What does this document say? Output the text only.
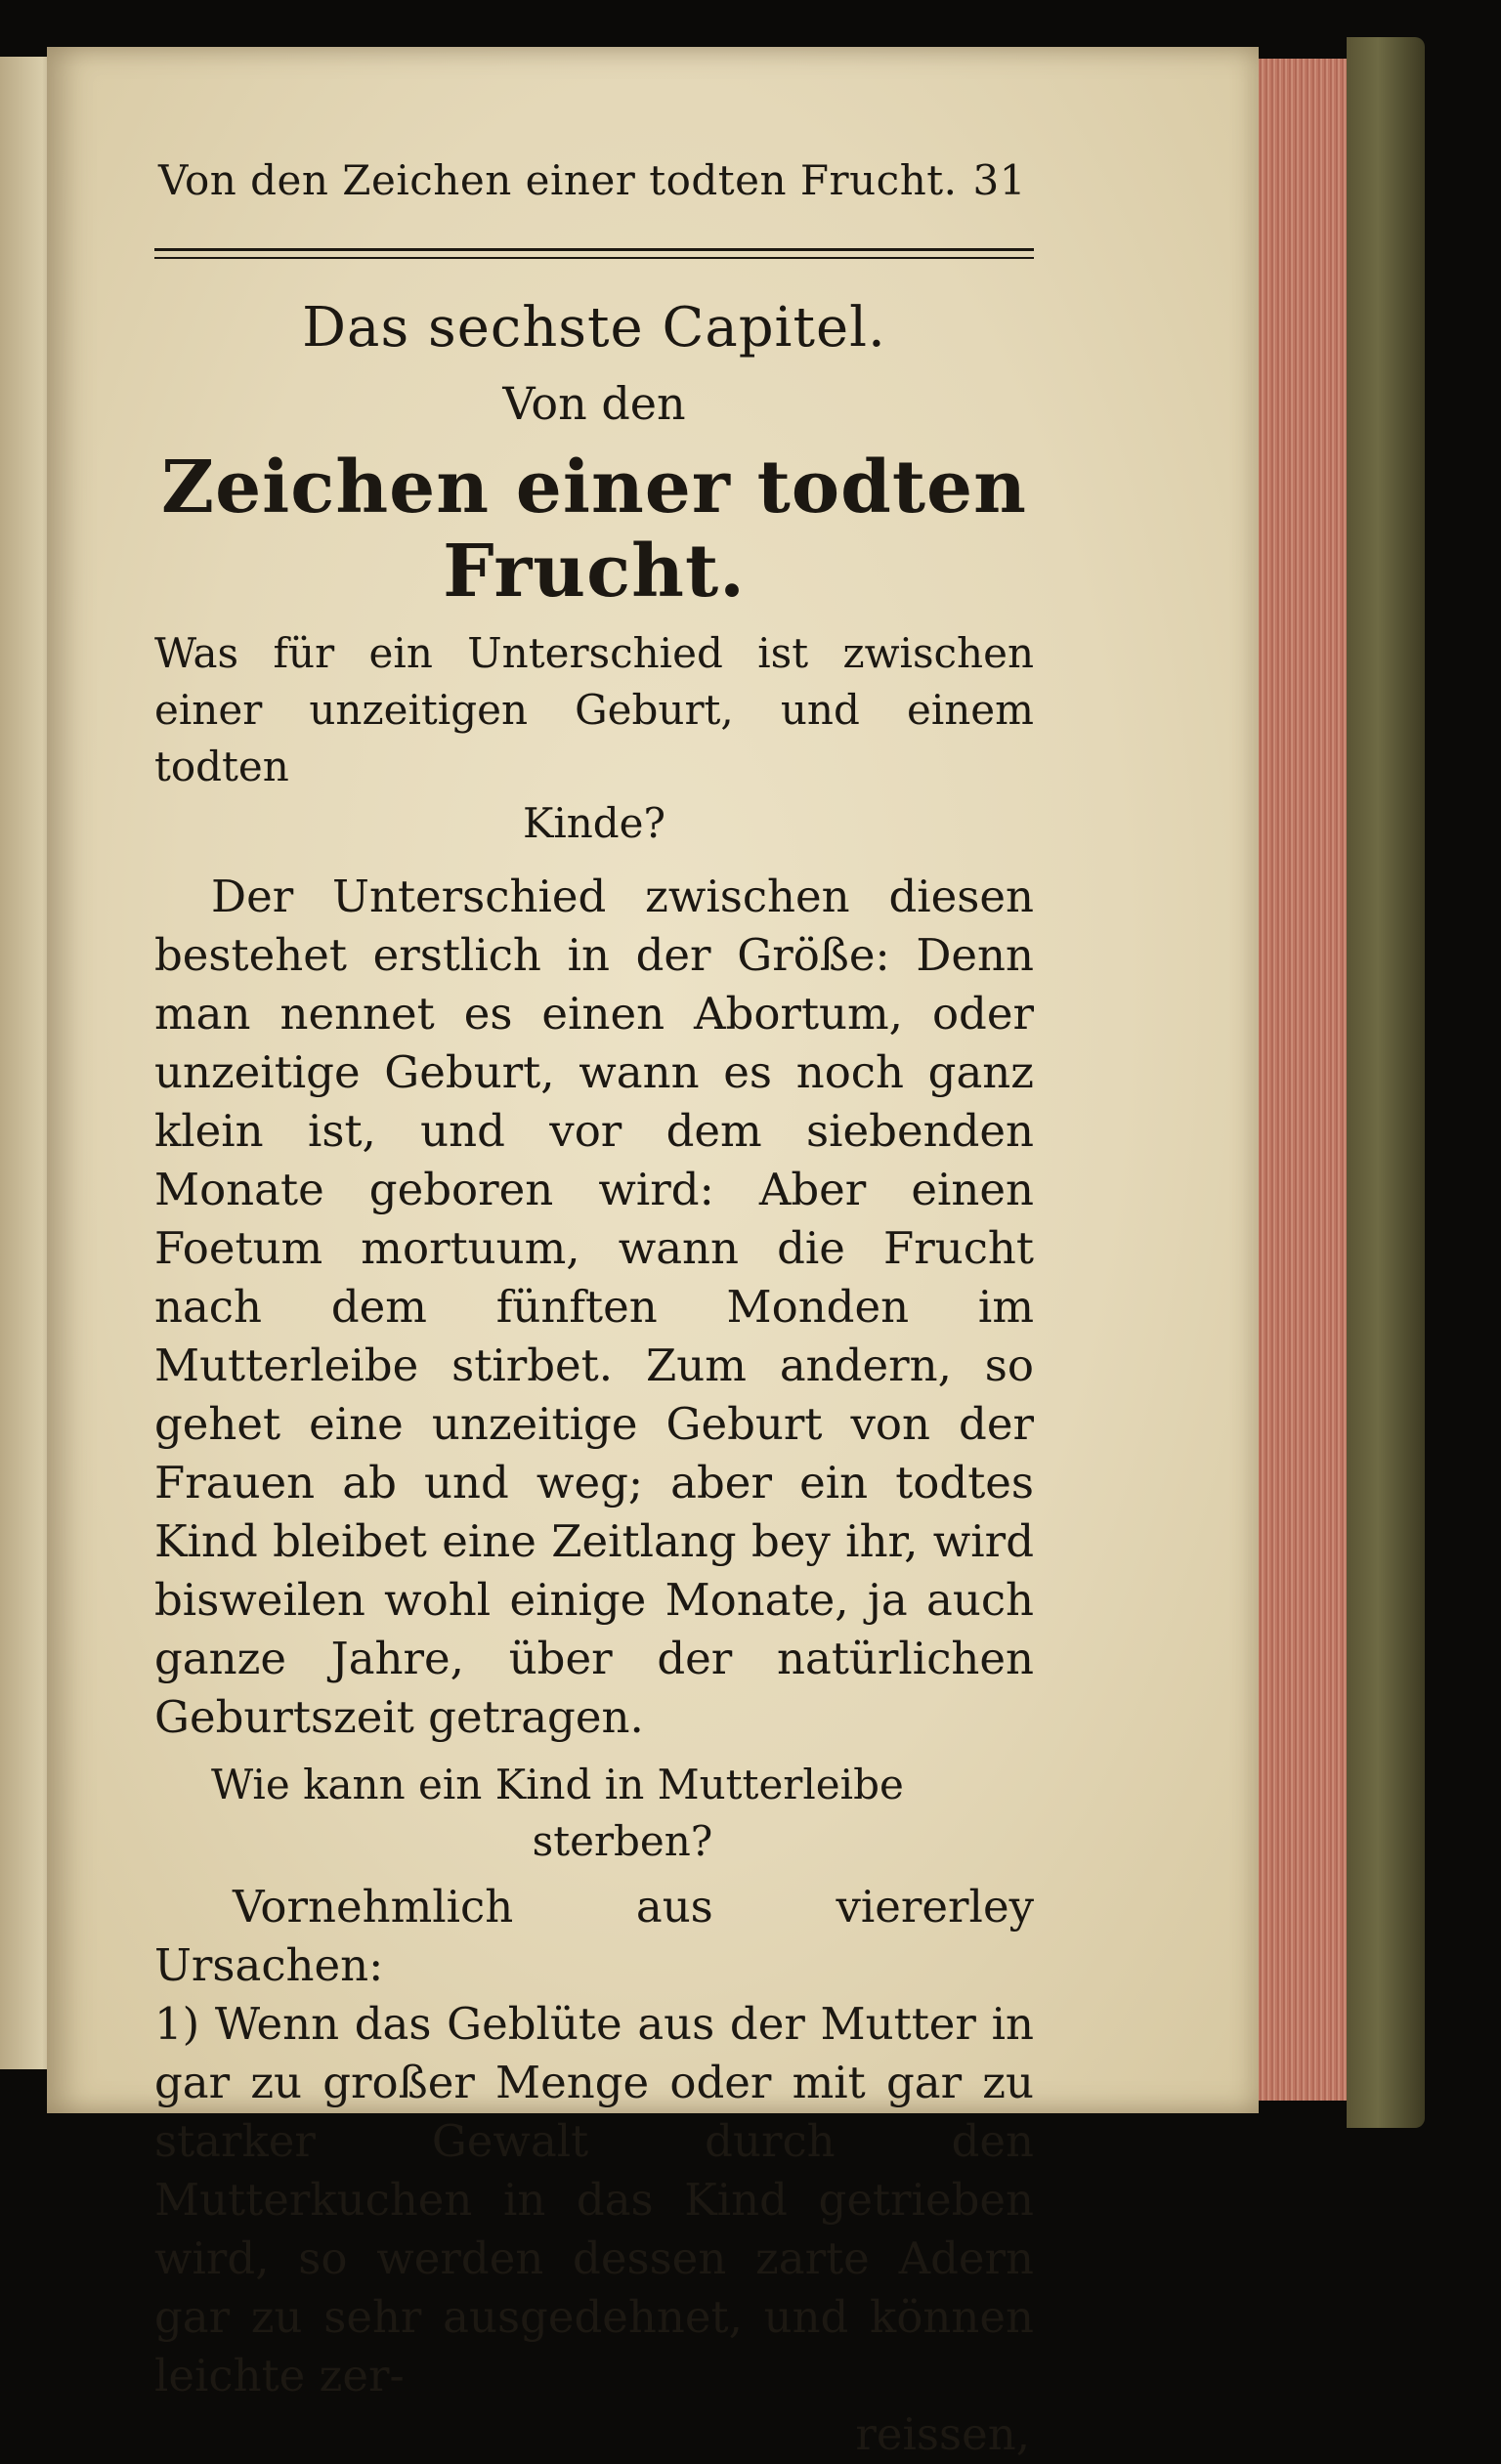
Von den Zeichen einer todten Frucht. 31
Das sechste Capitel.
Von den
Zeichen einer todten Frucht.
Was für ein Unterschied ist zwischen einer unzeitigen Geburt, und einem todten
Kinde?
Der Unterschied zwischen diesen bestehet erstlich in der Größe: Denn man nennet es einen Abortum, oder unzeitige Geburt, wann es noch ganz klein ist, und vor dem siebenden Monate geboren wird: Aber einen Foetum mortuum, wann die Frucht nach dem fünften Monden im Mutterleibe stirbet. Zum andern, so gehet eine unzeitige Geburt von der Frauen ab und weg; aber ein todtes Kind bleibet eine Zeitlang bey ihr, wird bisweilen wohl einige Monate, ja auch ganze Jahre, über der natürlichen Geburtszeit getragen.
Wie kann ein Kind in Mutterleibe
sterben?
Vornehmlich aus viererley Ursachen:
1) Wenn das Geblüte aus der Mutter in gar zu großer Menge oder mit gar zu starker Gewalt durch den Mutterkuchen in das Kind getrieben wird, so werden dessen zarte Adern gar zu sehr ausgedehnet, und können leichte zer-
reissen,
